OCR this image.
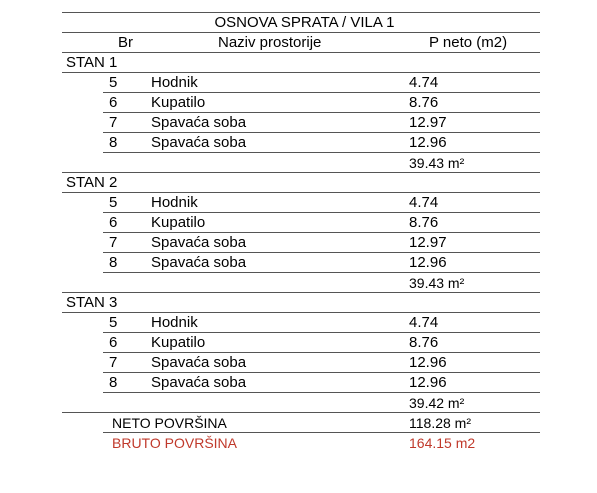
OSNOVA SPRATA / VILA 1
Br	Naziv prostorije	P neto (m2)
STAN 1
5 Hodnik	4.74
6 Kupatilo	8.76
7 Spavaća soba	12.97
8 Spavaća soba	12.96
39.43 m²
STAN 2
5 Hodnik	4.74
6 Kupatilo	8.76
7 Spavaća soba	12.97
8 Spavaća soba	12.96
39.43 m²
STAN 3
5 Hodnik	4.74
6 Kupatilo	8.76
7 Spavaća soba	12.96
8 Spavaća soba	12.96
39.42 m²
NETO POVRŠINA	118.28 m²
BRUTO POVRŠINA	164.15 m2
